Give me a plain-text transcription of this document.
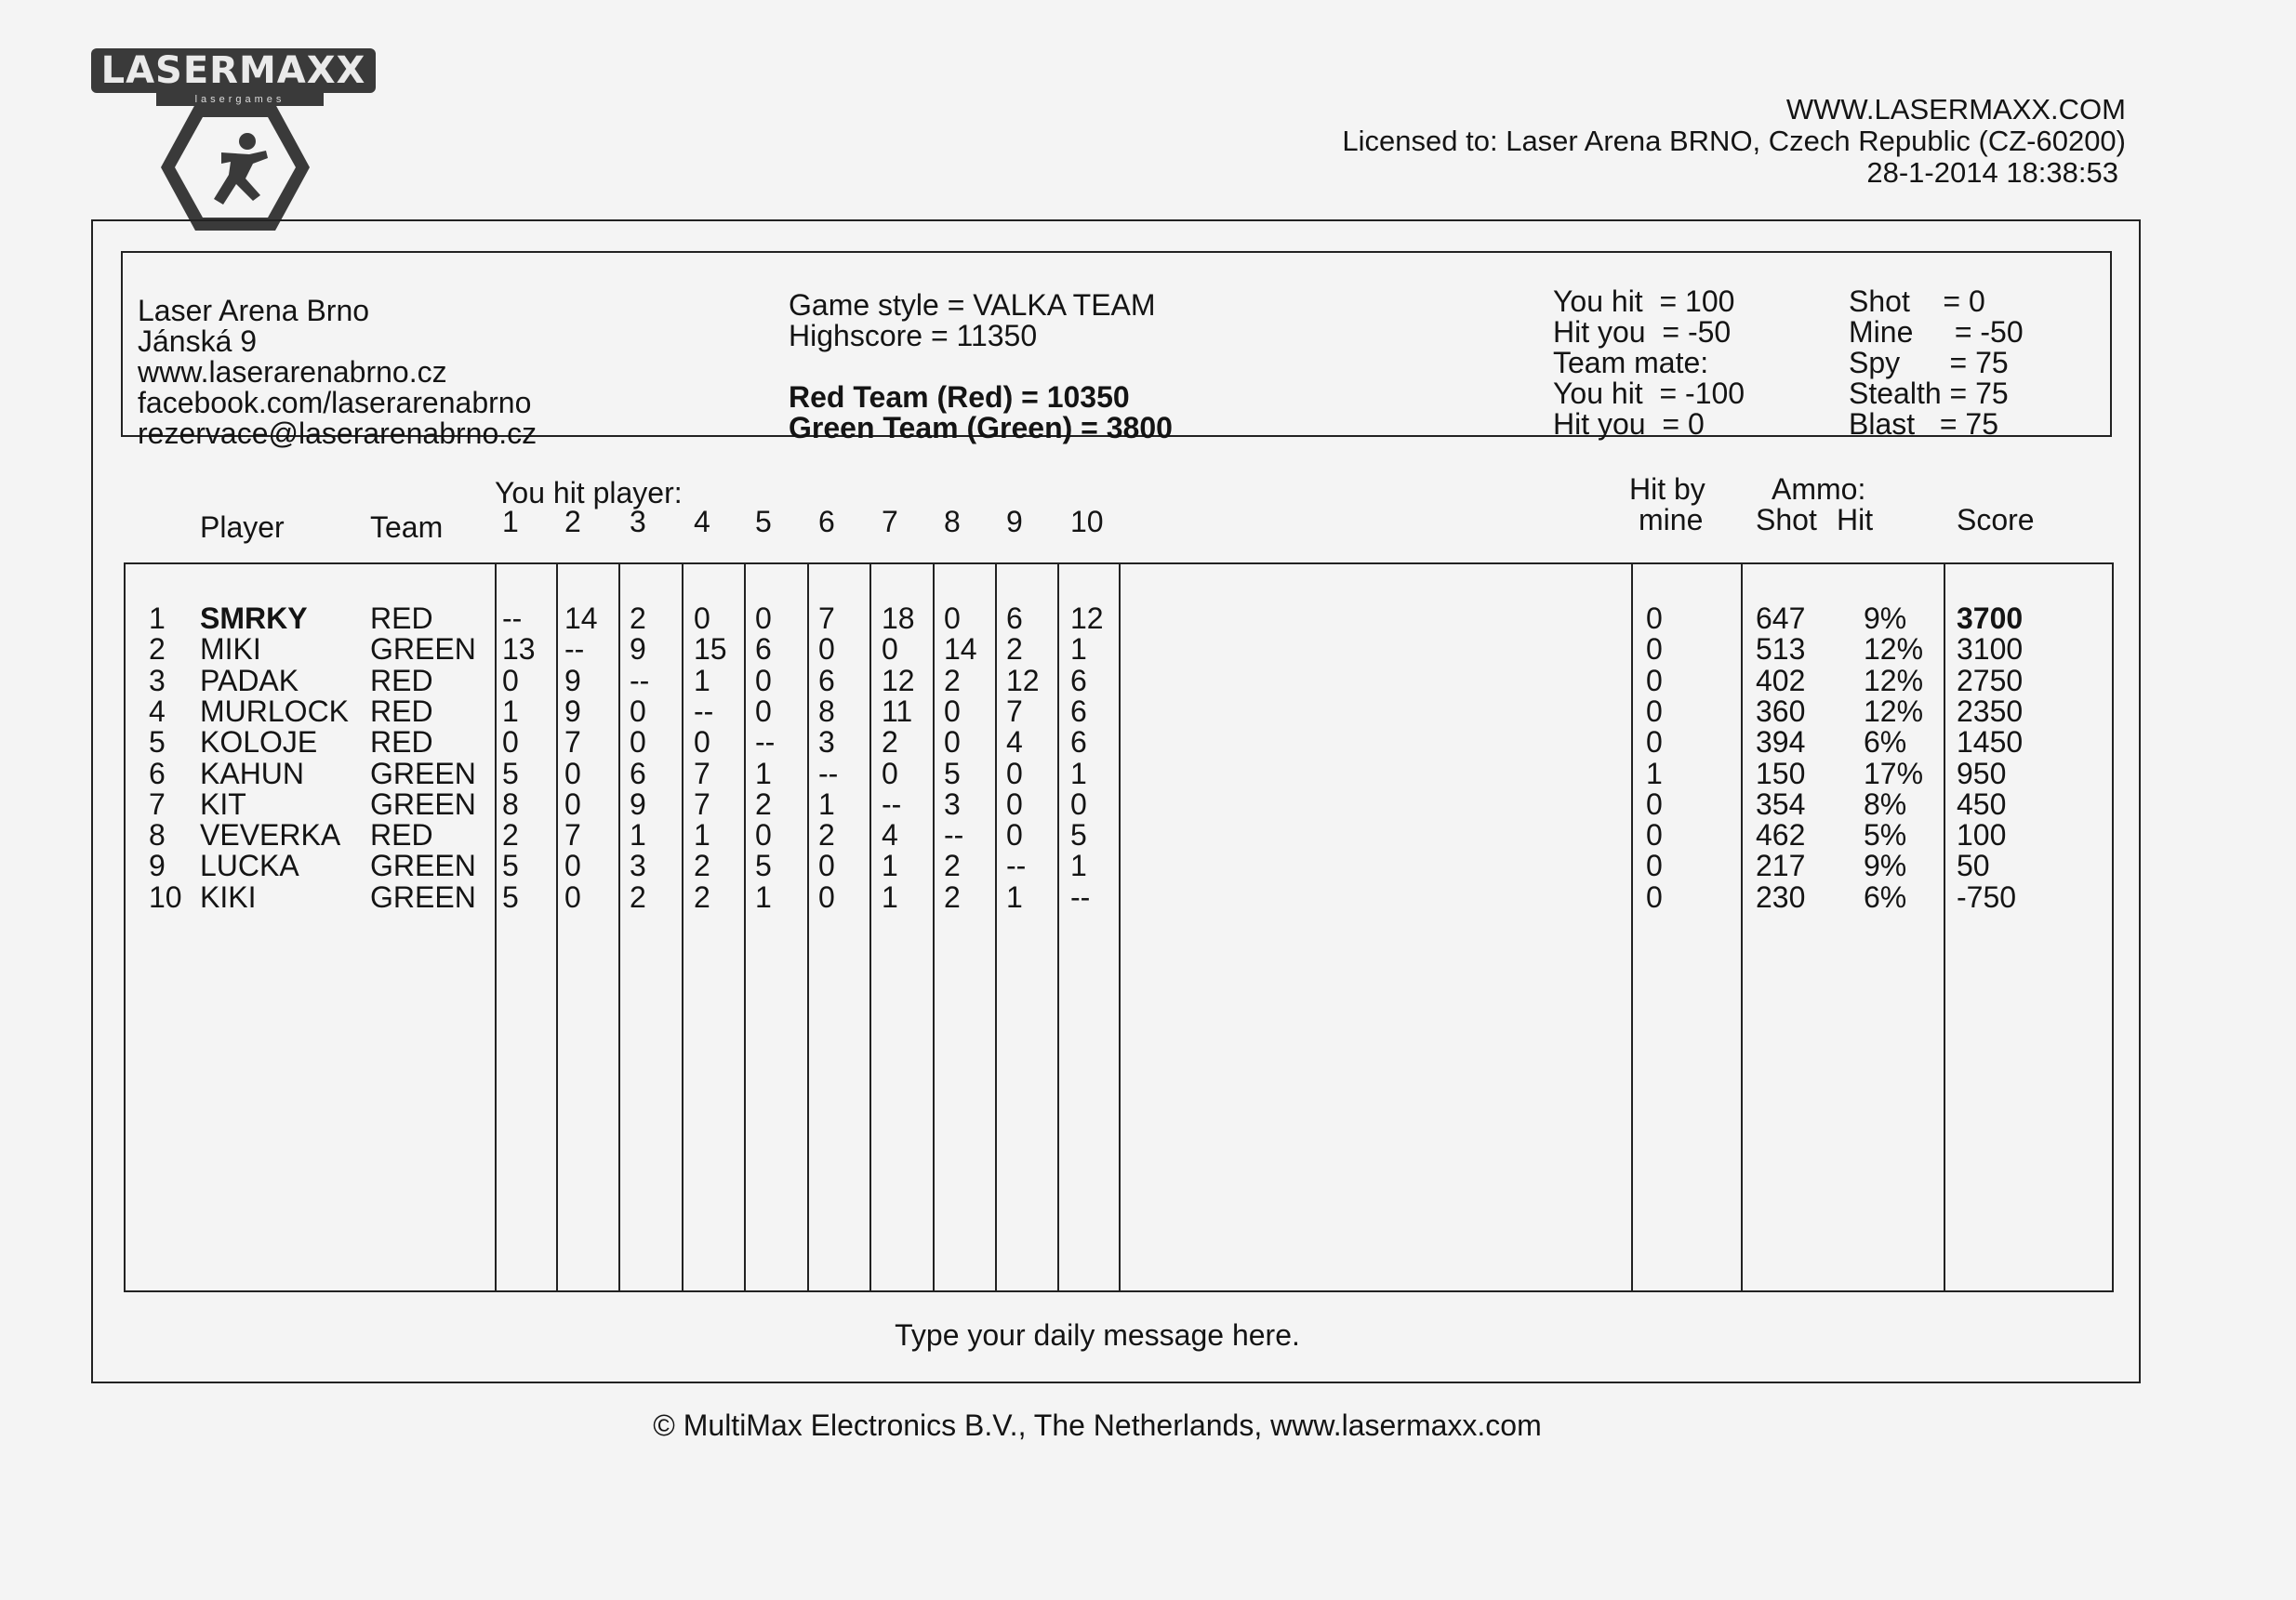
LASERMAXX
lasergames	WWW.LASERMAXX.COM
Licensed to: Laser Arena BRNO, Czech Republic (CZ-60200)
28-1-2014 18:38:53
Laser Arena Brno
Jánská 9
www.laserarenabrno.cz
facebook.com/laserarenabrno
rezervace@laserarenabrno.cz
Game style = VALKA TEAM
Highscore = 11350
Red Team (Red) = 10350
Green Team (Green) = 3800
You hit  = 100
Hit you  = -50
Team mate:
You hit  = -100
Hit you  = 0
Shot    = 0
Mine     = -50
Spy      = 75
Stealth = 75
Blast   = 75
You hit player:
Player	Team 1 2 3 4 5 6 7 8 9 10
Hit by
mine
Ammo:
Shot Hit	Score
1 SMRKY RED -- 14 2 0 0 7 18 0 6 12	0	647 9% 3700
2 MIKI	GREEN 13 -- 9 15 6 0 0 14 2 1	0	513 12% 3100
3 PADAK RED 0 9 -- 1 0 6 12 2 12 6	0	402 12% 2750
4 MURLOCK RED 1 9 0 -- 0 8 11 0 7 6	0	360 12% 2350
5 KOLOJE RED 0 7 0 0 -- 3 2 0 4 6	0	394 6% 1450
6 KAHUN GREEN 5 0 6 7 1 -- 0 5 0 1	1	150 17% 950
7 KIT	GREEN 8 0 9 7 2 1 -- 3 0 0	0	354 8% 450
8 VEVERKA RED 2 7 1 1 0 2 4 -- 0 5	0	462 5% 100
9 LUCKA GREEN 5 0 3 2 5 0 1 2 -- 1	0	217 9% 50
10 KIKI	GREEN 5 0 2 2 1 0 1 2 1 --	0	230 6% -750
Type your daily message here.
© MultiMax Electronics B.V., The Netherlands, www.lasermaxx.com
